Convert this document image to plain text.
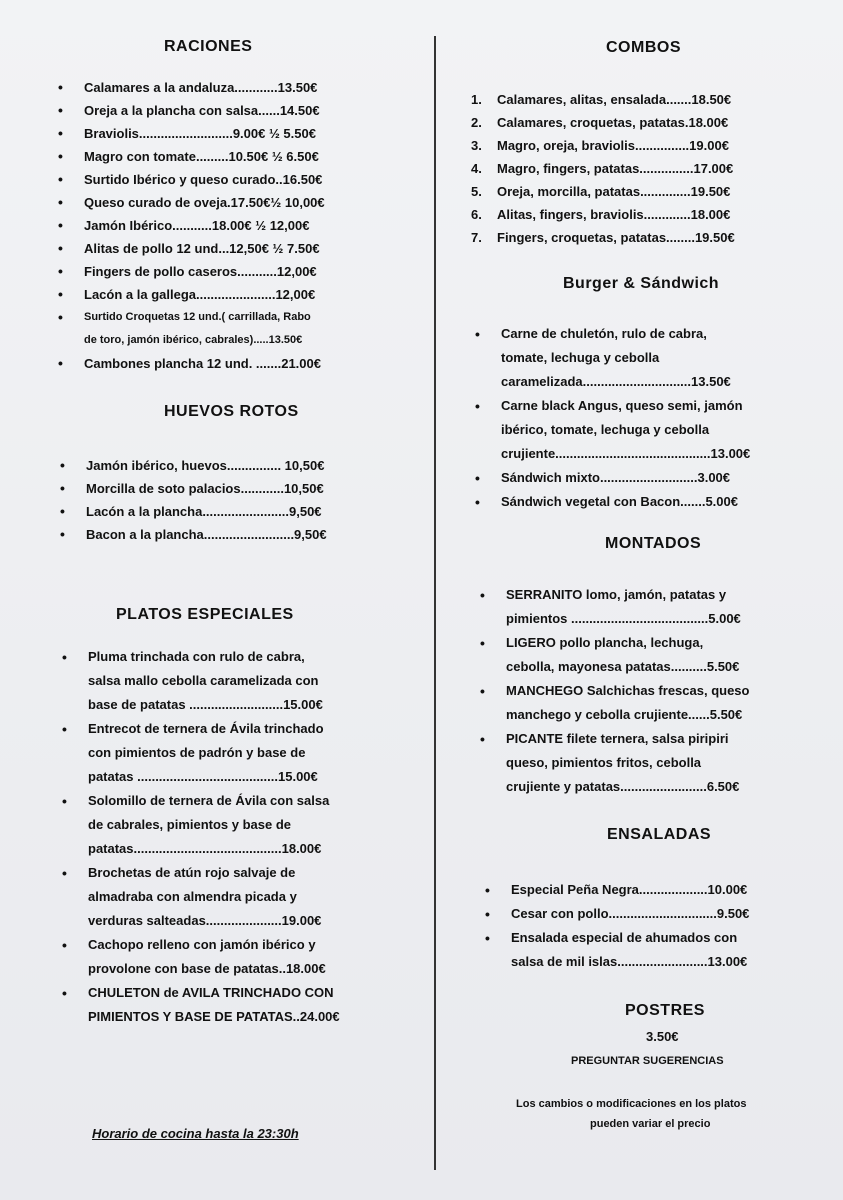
RACIONES
• Calamares a la andaluza............13.50€
• Oreja a la plancha con salsa......14.50€
• Braviolis..........................9.00€ ½ 5.50€
• Magro con tomate.........10.50€ ½ 6.50€
• Surtido Ibérico y queso curado..16.50€
• Queso curado de oveja.17.50€½ 10,00€
• Jamón Ibérico...........18.00€ ½ 12,00€
• Alitas de pollo 12 und...12,50€ ½ 7.50€
• Fingers de pollo caseros...........12,00€
• Lacón a la gallega......................12,00€
• Surtido Croquetas 12 und.( carrillada, Rabo
de toro, jamón ibérico, cabrales).....13.50€
• Cambones plancha 12 und. .......21.00€
HUEVOS ROTOS
• Jamón ibérico, huevos............... 10,50€
• Morcilla de soto palacios............10,50€
• Lacón a la plancha........................9,50€
• Bacon a la plancha.........................9,50€
PLATOS ESPECIALES
• Pluma trinchada con rulo de cabra,
salsa mallo cebolla caramelizada con
base de patatas ..........................15.00€
• Entrecot de ternera de Ávila trinchado
con pimientos de padrón y base de
patatas .......................................15.00€
• Solomillo de ternera de Ávila con salsa
de cabrales, pimientos y base de
patatas.........................................18.00€
• Brochetas de atún rojo salvaje de
almadraba con almendra picada y
verduras salteadas.....................19.00€
• Cachopo relleno con jamón ibérico y
provolone con base de patatas..18.00€
• CHULETON de AVILA TRINCHADO CON
PIMIENTOS Y BASE DE PATATAS..24.00€

Horario de cocina hasta la 23:30h

COMBOS
1. Calamares, alitas, ensalada.......18.50€
2. Calamares, croquetas, patatas.18.00€
3. Magro, oreja, braviolis...............19.00€
4. Magro, fingers, patatas...............17.00€
5. Oreja, morcilla, patatas..............19.50€
6. Alitas, fingers, braviolis.............18.00€
7. Fingers, croquetas, patatas........19.50€
Burger & Sándwich
• Carne de chuletón, rulo de cabra,
tomate, lechuga y cebolla
caramelizada..............................13.50€
• Carne black Angus, queso semi, jamón
ibérico, tomate, lechuga y cebolla
crujiente...........................................13.00€
• Sándwich mixto...........................3.00€
• Sándwich vegetal con Bacon.......5.00€
MONTADOS
• SERRANITO lomo, jamón, patatas y
pimientos ......................................5.00€
• LIGERO pollo plancha, lechuga,
cebolla, mayonesa patatas..........5.50€
• MANCHEGO Salchichas frescas, queso
manchego y cebolla crujiente......5.50€
• PICANTE filete ternera, salsa piripiri
queso, pimientos fritos, cebolla
crujiente y patatas........................6.50€
ENSALADAS
• Especial Peña Negra...................10.00€
• Cesar con pollo..............................9.50€
• Ensalada especial de ahumados con
salsa de mil islas.........................13.00€
POSTRES

3.50€

PREGUNTAR SUGERENCIAS

Los cambios o modificaciones en los platos

pueden variar el precio
